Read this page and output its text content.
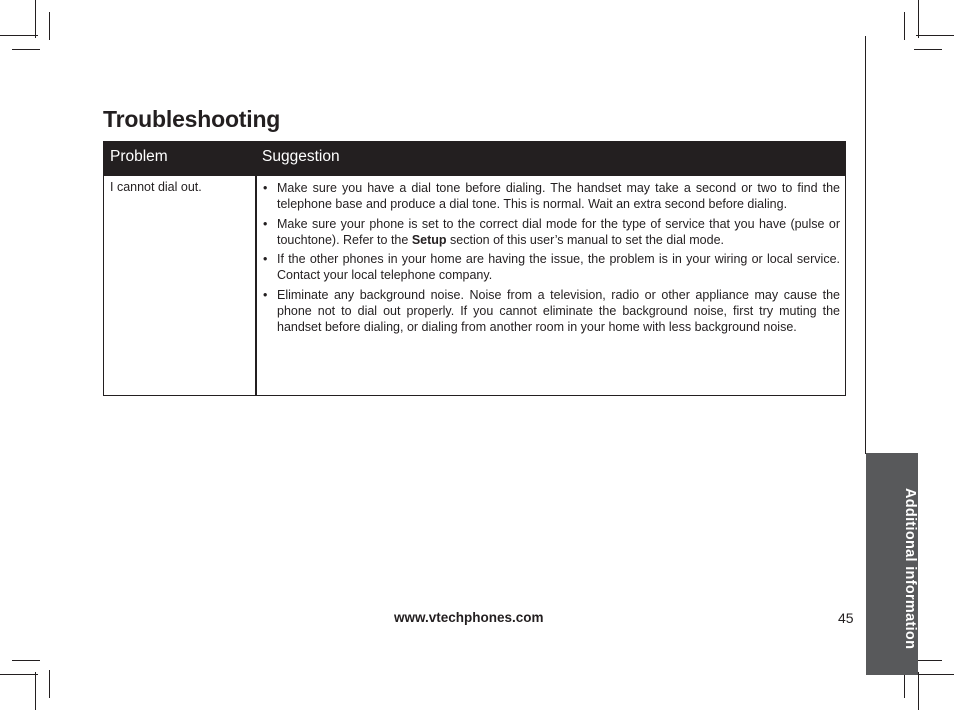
Additional information
Troubleshooting
Problem	Suggestion
I cannot dial out.	• Make sure you have a dial tone before dialing. The handset may take a second or two to find the telephone base and produce a dial tone. This is normal. Wait an extra second before dialing.
• Make sure your phone is set to the correct dial mode for the type of service that you have (pulse or touchtone). Refer to the Setup section of this user’s manual to set the dial mode.
• If the other phones in your home are having the issue, the problem is in your wiring or local service. Contact your local telephone company.
• Eliminate any background noise. Noise from a television, radio or other appliance may cause the phone not to dial out properly. If you cannot eliminate the background noise, first try muting the handset before dialing, or dialing from another room in your home with less background noise.
www.vtechphones.com	45
